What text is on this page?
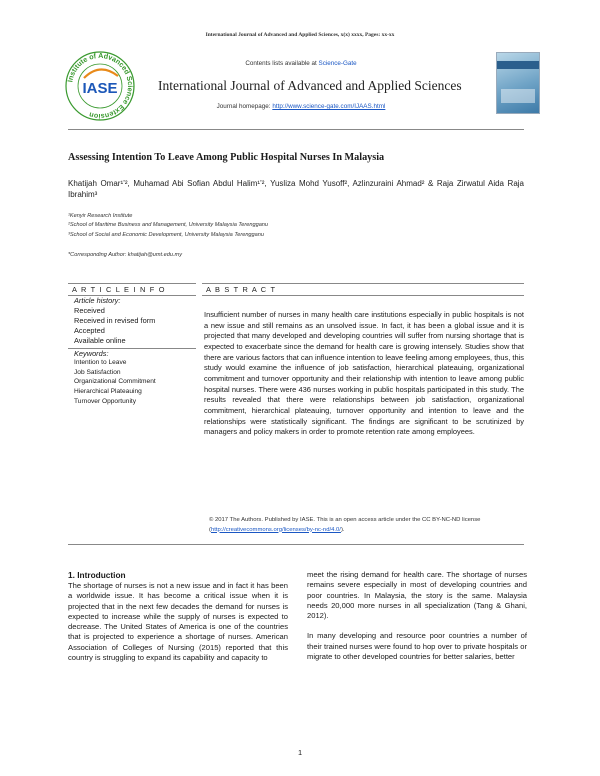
International Journal of Advanced and Applied Sciences, x(x) xxxx, Pages: xx-xx
Institute of Advanced Science Extension
IASE
Contents lists available at Science-Gate
International Journal of Advanced and Applied Sciences
Journal homepage: http://www.science-gate.com/IJAAS.html
Assessing Intention To Leave Among Public Hospital Nurses In Malaysia
Khatijah Omar¹’², Muhamad Abi Sofian Abdul Halim¹’², Yusliza Mohd Yusoff², Azlinzuraini Ahmad² & Raja Zirwatul Aida Raja Ibrahim³
¹Kenyir Research Institute
²School of Maritime Business and Management, University Malaysia Terengganu
³School of Social and Economic Development, University Malaysia Terengganu
*Corresponding Author: khatijah@umt.edu.my
A R T I C L E I N F O
Article history:
Received
Received in revised form
Accepted
Available online
Keywords:
Intention to Leave
Job Satisfaction
Organizational Commitment
Hierarchical Plateauing
Turnover Opportunity
A B S T R A C T
Insufficient number of nurses in many health care institutions especially in public hospitals is not a new issue and still remains as an unsolved issue. In fact, it has been a global issue and it is projected that many developed and developing countries will suffer from nursing shortage that is expected to exacerbate since the demand for health care is growing intensely. Studies show that there are various factors that can influence intention to leave feeling among employees, thus, this study would examine the influence of job satisfaction, hierarchical plateauing, organizational commitment and turnover opportunity and their relationship with intention to leave among public hospital nurses. There were 436 nurses working in public hospitals participated in this study. The results revealed that there were relationships between job satisfaction, organizational commitment, hierarchical plateauing, turnover opportunity and intention to leave and the relationships were statistically significant. The findings are significant to be scrutinized by managers and policy makers in order to promote retention rate among employees.
© 2017 The Authors. Published by IASE. This is an open access article under the CC BY-NC-ND license (http://creativecommons.org/licenses/by-nc-nd/4.0/).
1. Introduction
The shortage of nurses is not a new issue and in fact it has been a worldwide issue. It has become a critical issue when it is projected that in the next few decades the demand for nurses is expected to increase while the supply of nurses is expected to decrease. The United States of America is one of the countries that is projected to experience a shortage of nurses. American Association of Colleges of Nursing (2015) reported that this country is struggling to expand its capability and capacity to
meet the rising demand for health care. The shortage of nurses remains severe especially in most of developing countries and poor countries. In Malaysia, the story is the same. Malaysia needs 20,000 more nurses in all specialization (Tang & Ghani, 2012).
In many developing and resource poor countries a number of their trained nurses were found to hop over to private hospitals or migrate to other developed countries for better salaries, better
1
